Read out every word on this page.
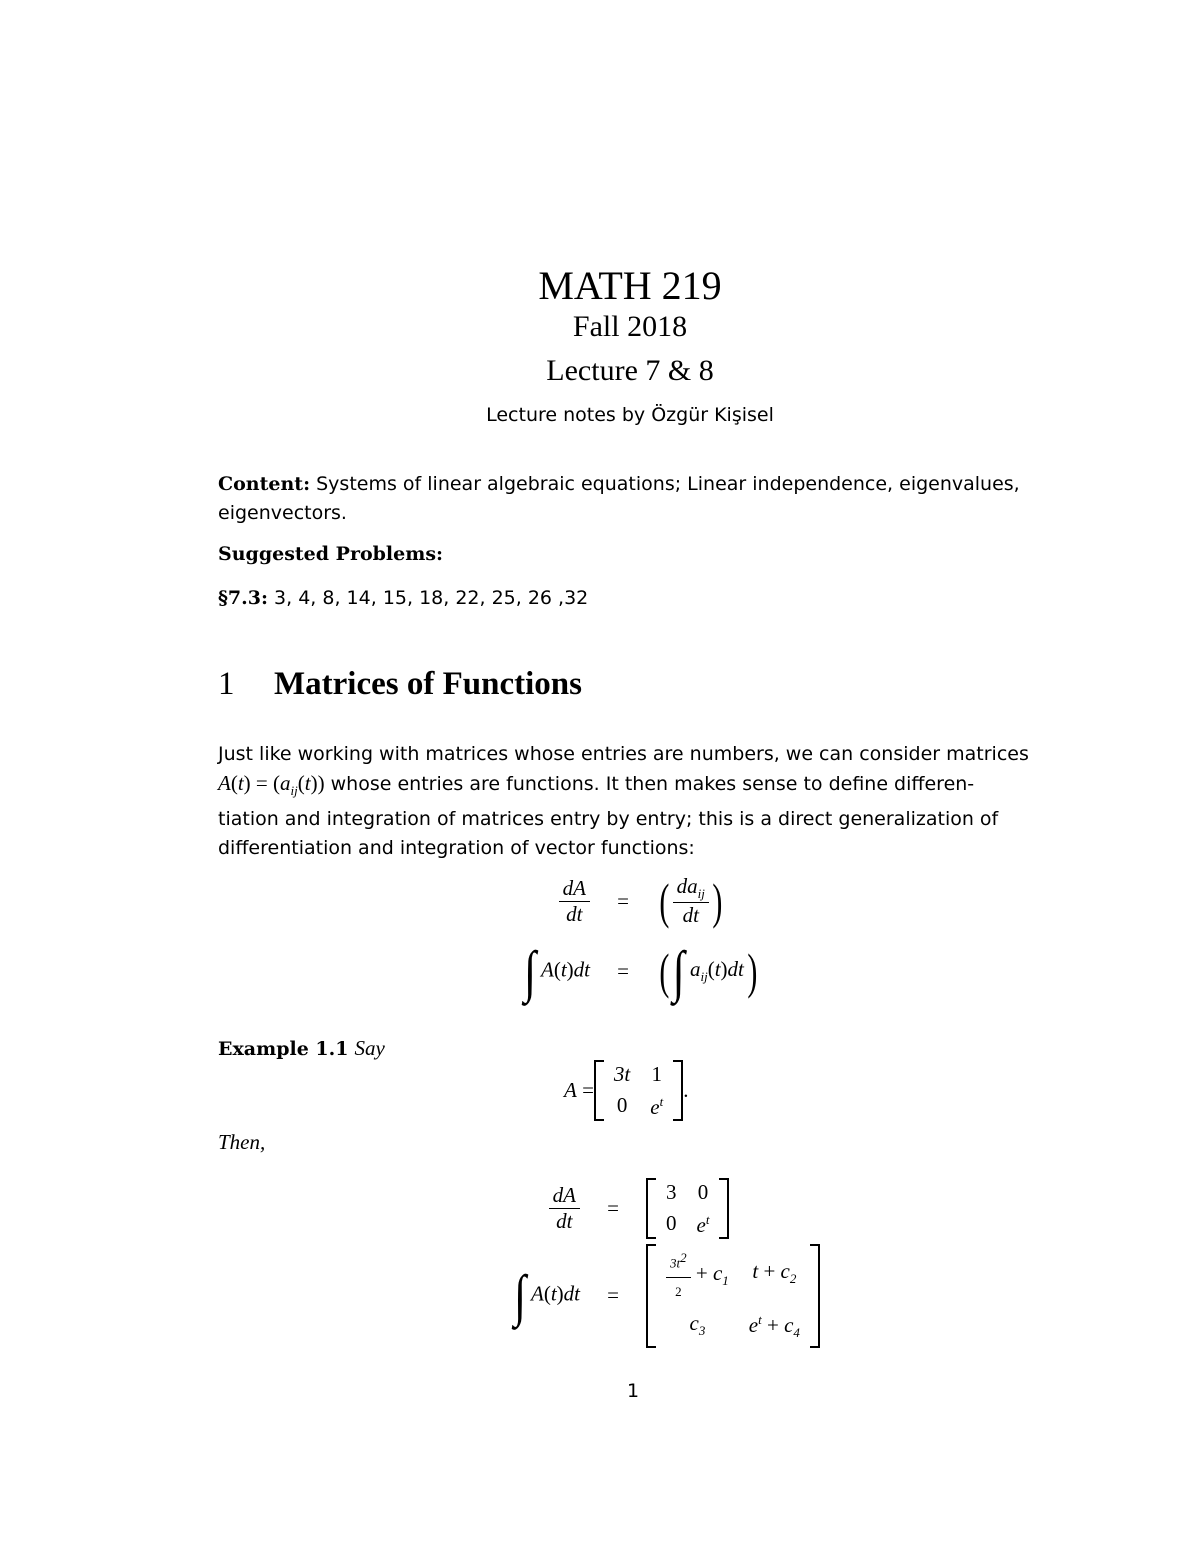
MATH 219
Fall 2018
Lecture 7 & 8
Lecture notes by Özgür Kişisel
Content: Systems of linear algebraic equations; Linear independence, eigenvalues,
eigenvectors.
Suggested Problems:
§7.3: 3, 4, 8, 14, 15, 18, 22, 25, 26 ,32
1 Matrices of Functions
Just like working with matrices whose entries are numbers, we can consider matrices
$A(t) = (a_{ij}(t))$ whose entries are functions. It then makes sense to define differen-
tiation and integration of matrices entry by entry; this is a direct generalization of
differentiation and integration of vector functions:
$\frac{dA}{dt}$	= ( $\frac{da_{ij}}{dt}$ )
∫ A(t)dt	= (∫ $a_{ij}(t)dt$)
Example 1.1 Say
A =
3t	1
0	$e^t$ .
Then,
$\frac{dA}{dt}$	=
3	0
0	$e^t$
∫ A(t)dt	=	$\frac{3t^2}{2} + c_1$	$t + c_2$
$c_3$	$e^t + c_4$
1
